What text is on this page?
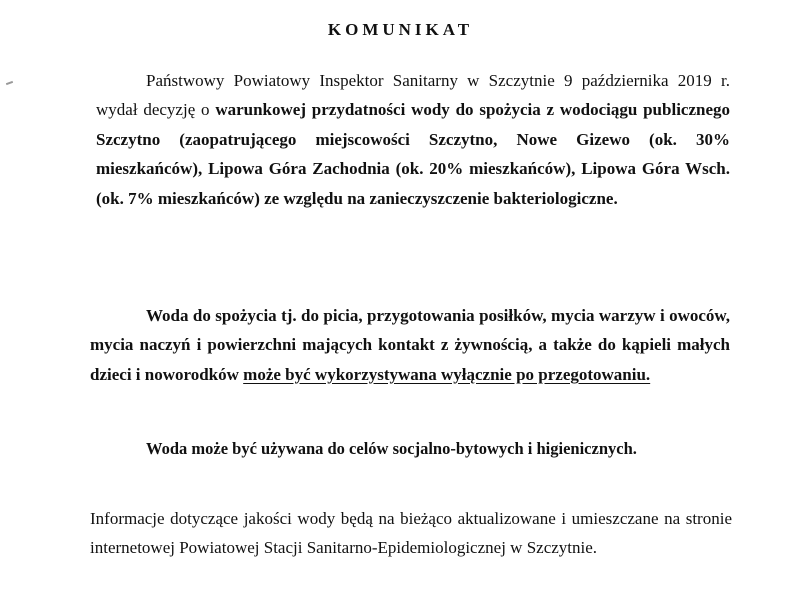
KOMUNIKAT

Państwowy Powiatowy Inspektor Sanitarny w Szczytnie 9 października 2019 r. wydał decyzję o warunkowej przydatności wody do spożycia z wodociągu publicznego Szczytno (zaopatrującego miejscowości Szczytno, Nowe Gizewo (ok. 30% mieszkańców), Lipowa Góra Zachodnia (ok. 20% mieszkańców), Lipowa Góra Wsch. (ok. 7% mieszkańców) ze względu na zanieczyszczenie bakteriologiczne.

Woda do spożycia tj. do picia, przygotowania posiłków, mycia warzyw i owoców, mycia naczyń i powierzchni mających kontakt z żywnością, a także do kąpieli małych dzieci i noworodków może być wykorzystywana wyłącznie po przegotowaniu.

Woda może być używana do celów socjalno-bytowych i higienicznych.

Informacje dotyczące jakości wody będą na bieżąco aktualizowane i umieszczane na stronie internetowej Powiatowej Stacji Sanitarno-Epidemiologicznej w Szczytnie.
